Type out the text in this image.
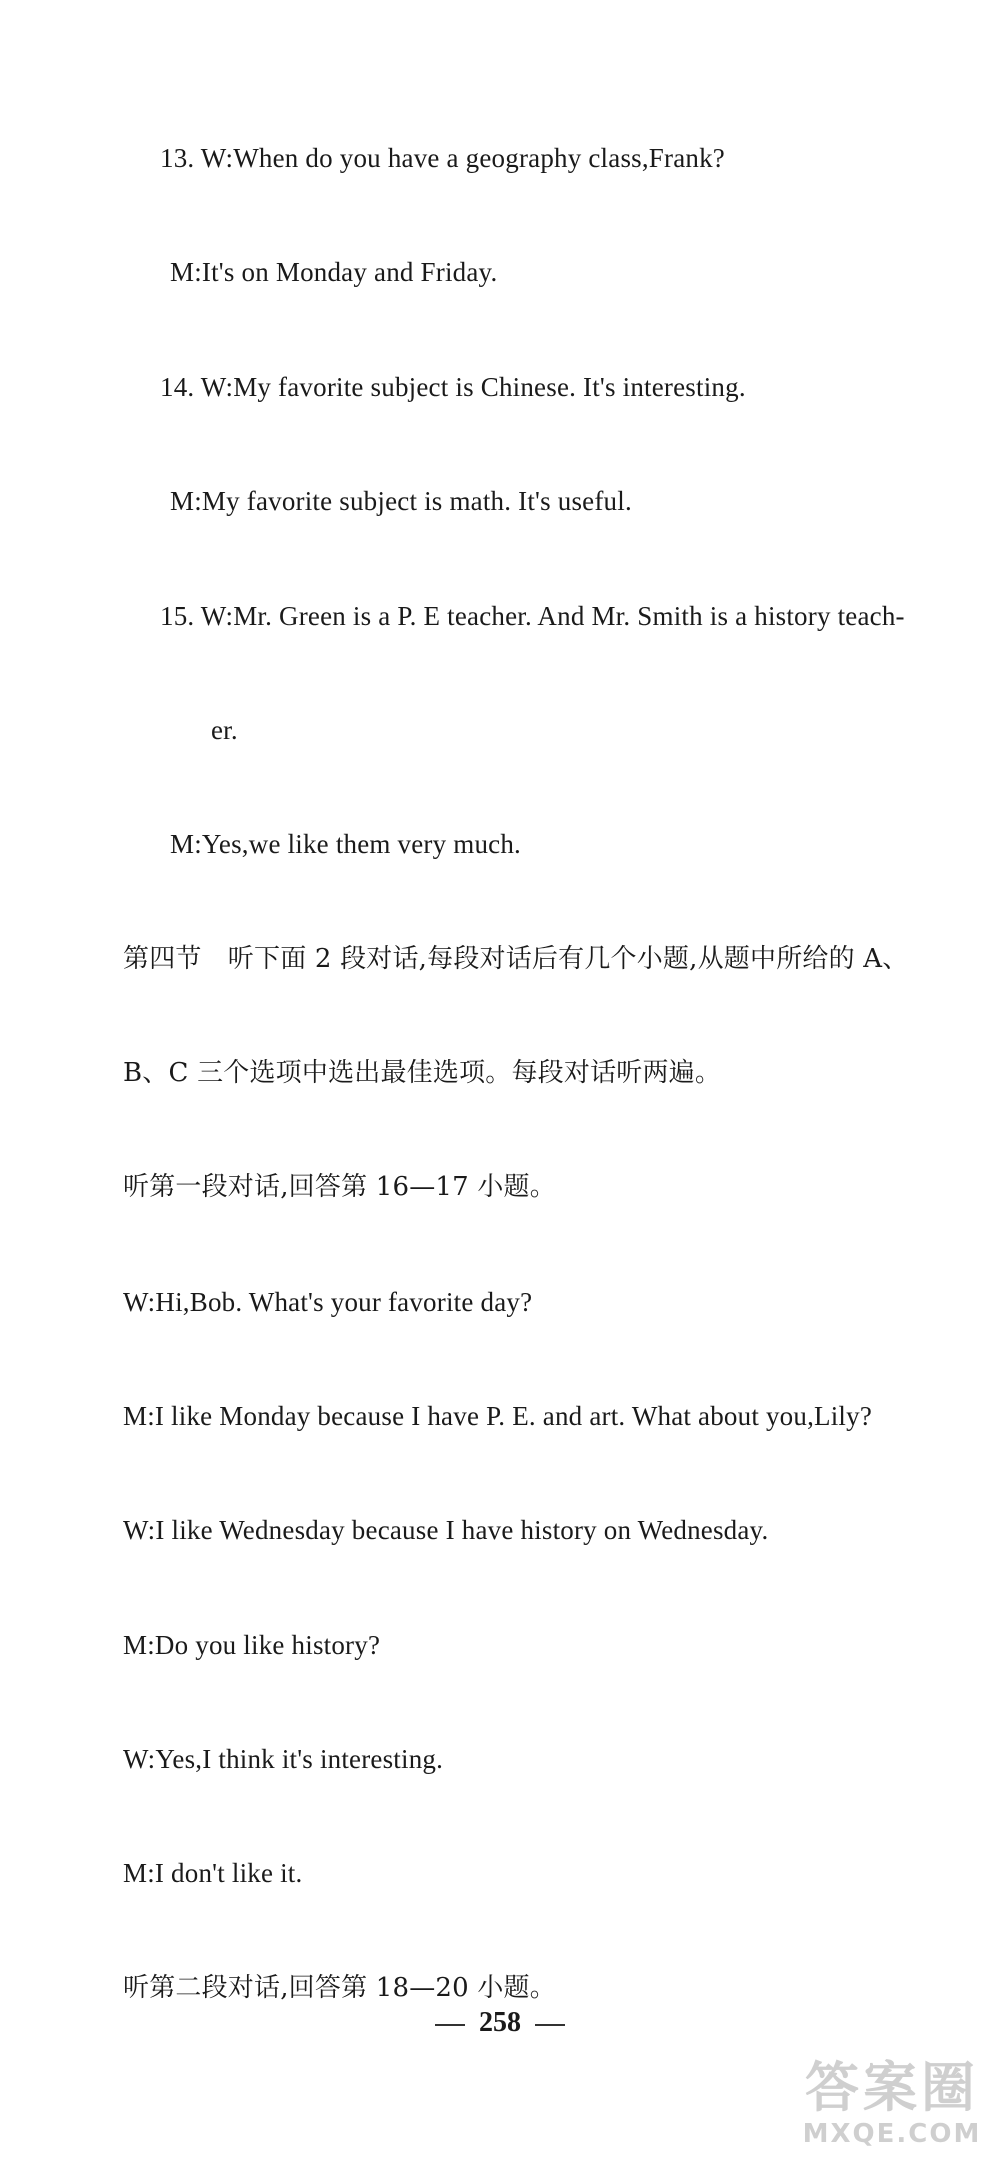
13. W:When do you have a geography class,Frank?
M:It's on Monday and Friday.
14. W:My favorite subject is Chinese. It's interesting.
M:My favorite subject is math. It's useful.
15. W:Mr. Green is a P. E teacher. And Mr. Smith is a history teach-
er.
M:Yes,we like them very much.
第四节　听下面 2 段对话,每段对话后有几个小题,从题中所给的 A、
B、C 三个选项中选出最佳选项。每段对话听两遍。
听第一段对话,回答第 16—17 小题。
W:Hi,Bob. What's your favorite day?
M:I like Monday because I have P. E. and art. What about you,Lily?
W:I like Wednesday because I have history on Wednesday.
M:Do you like history?
W:Yes,I think it's interesting.
M:I don't like it.
听第二段对话,回答第 18—20 小题。
258
答案圈
MXQE.COM
